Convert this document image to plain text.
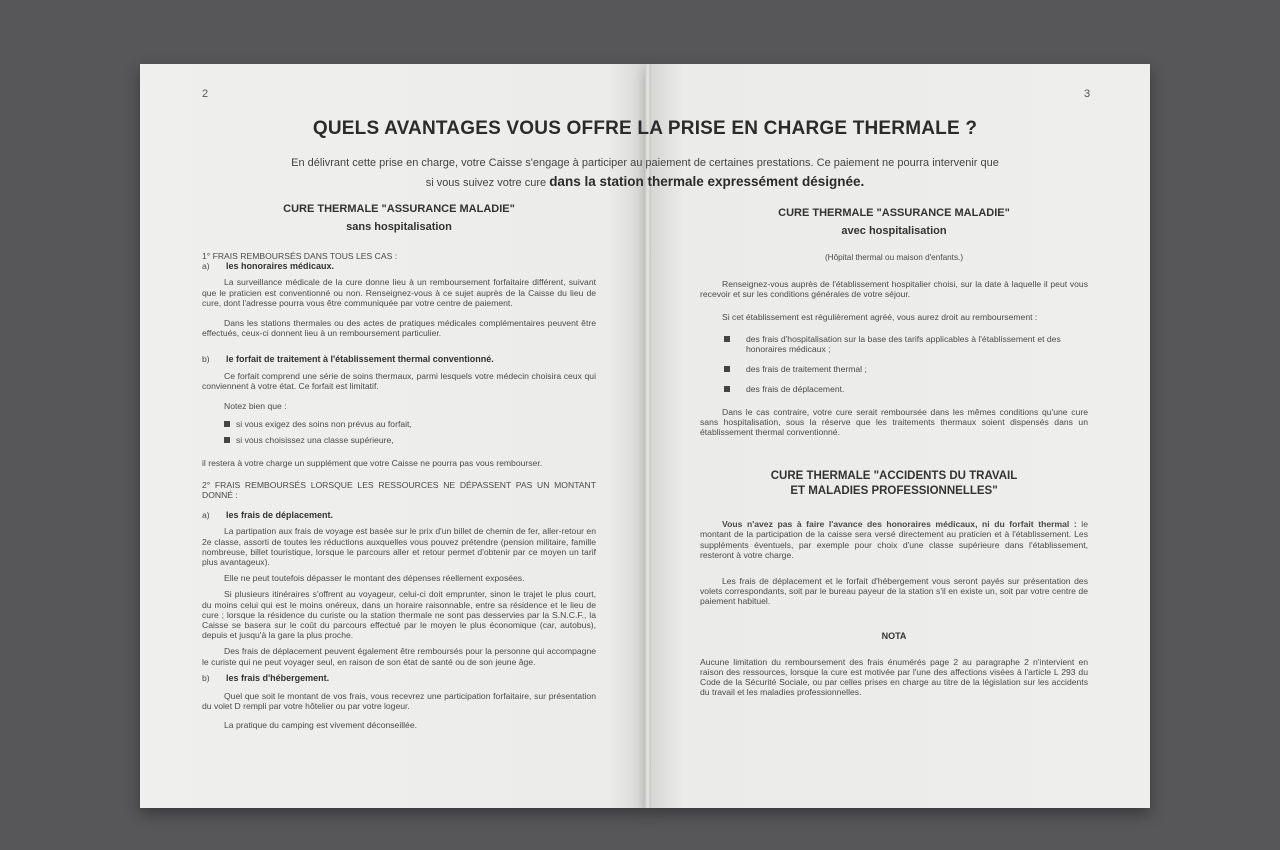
2	3
QUELS AVANTAGES VOUS OFFRE LA PRISE EN CHARGE THERMALE ?
En délivrant cette prise en charge, votre Caisse s'engage à participer au paiement de certaines prestations. Ce paiement ne pourra intervenir que
si vous suivez votre cure dans la station thermale expressément désignée.
CURE THERMALE "ASSURANCE MALADIE"
sans hospitalisation
1° FRAIS REMBOURSÉS DANS TOUS LES CAS :
a) les honoraires médicaux.

La surveillance médicale de la cure donne lieu à un remboursement forfaitaire différent, suivant que le praticien est conventionné ou non. Renseignez-vous à ce sujet auprès de la Caisse du lieu de cure, dont l'adresse pourra vous être communiquée par votre centre de paiement.

Dans les stations thermales ou des actes de pratiques médicales complémentaires peuvent être effectués, ceux-ci donnent lieu à un remboursement particulier.

b) le forfait de traitement à l'établissement thermal conventionné.

Ce forfait comprend une série de soins thermaux, parmi lesquels votre médecin choisira ceux qui conviennent à votre état. Ce forfait est limitatif.

Notez bien que :
si vous exigez des soins non prévus au forfait,
si vous choisissez una classe supérieure,

il restera à votre charge un supplément que votre Caisse ne pourra pas vous rembourser.

2° FRAIS REMBOURSÉS LORSQUE LES RESSOURCES NE DÉPASSENT PAS UN MONTANT DONNÉ :

a) les frais de déplacement.

La partipation aux frais de voyage est basée sur le prix d'un billet de chemin de fer, aller-retour en 2e classe, assorti de toutes les réductions auxquelles vous pouvez prétendre (pension militaire, famille nombreuse, billet touristique, lorsque le parcours aller et retour permet d'obtenir par ce moyen un tarif plus avantageux).

Elle ne peut toutefois dépasser le montant des dépenses réellement exposées.

Si plusieurs itinéraires s'offrent au voyageur, celui-ci doit emprunter, sinon le trajet le plus court, du moins celui qui est le moins onéreux, dans un horaire raisonnable, entre sa résidence et le lieu de cure ; lorsque la résidence du curiste ou la station thermale ne sont pas desservies par la S.N.C.F., la Caisse se basera sur le coût du parcours effectué par le moyen le plus économique (car, autobus), depuis et jusqu'à la gare la plus proche.

Des frais de déplacement peuvent également être remboursés pour la personne qui accompagne le curiste qui ne peut voyager seul, en raison de son état de santé ou de son jeune âge.

b) les frais d'hébergement.

Quel que soit le montant de vos frais, vous recevrez une participation forfaitaire, sur présentation du volet D rempli par votre hôtelier ou par votre logeur.

La pratique du camping est vivement déconseillée.

CURE THERMALE "ASSURANCE MALADIE"
avec hospitalisation
(Hôpital thermal ou maison d'enfants.)

Renseignez-vous auprès de l'établissement hospitalier choisi, sur la date à laquelle il peut vous recevoir et sur les conditions générales de votre séjour.

Si cet établissement est régulièrement agréé, vous aurez droit au remboursement :

des frais d'hospitalisation sur la base des tarifs applicables à l'établissement et des honoraires médicaux ;
des frais de traitement thermal ;
des frais de déplacement.

Dans le cas contraire, votre cure serait remboursée dans les mêmes conditions qu'une cure sans hospitalisation, sous la réserve que les traitements thermaux soient dispensés dans un établissement thermal conventionné.

CURE THERMALE "ACCIDENTS DU TRAVAIL
ET MALADIES PROFESSIONNELLES"

Vous n'avez pas à faire l'avance des honoraires médicaux, ni du forfait thermal : le montant de la participation de la caisse sera versé directement au praticien et à l'établissement. Les suppléments éventuels, par exemple pour choix d'une classe supérieure dans l'établissement, resteront à votre charge.

Les frais de déplacement et le forfait d'hébergement vous seront payés sur présentation des volets correspondants, soit par le bureau payeur de la station s'il en existe un, soit par votre centre de paiement habituel.

NOTA

Aucune limitation du remboursement des frais énumérés page 2 au paragraphe 2 n'intervient en raison des ressources, lorsque la cure est motivée par l'une des affections visées à l'article L 293 du Code de la Sécurité Sociale, ou par celles prises en charge au titre de la législation sur les accidents du travail et les maladies professionnelles.
